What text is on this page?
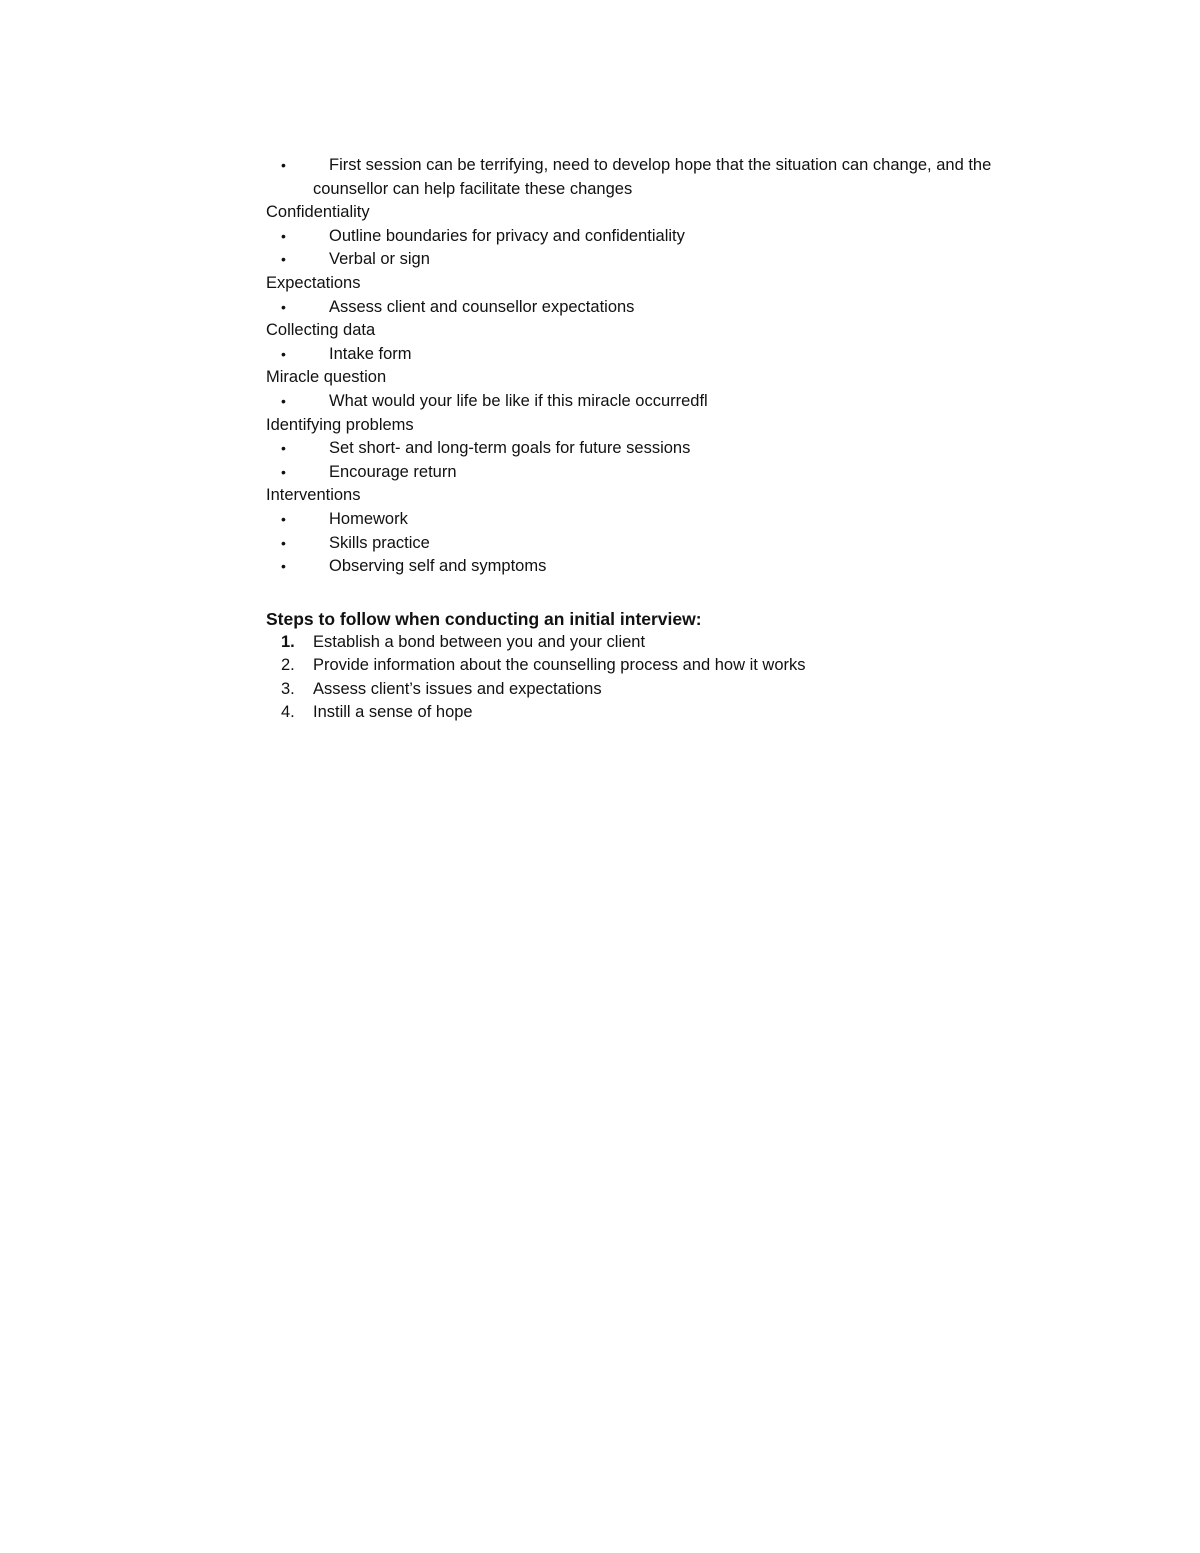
•	First session can be terrifying, need to develop hope that the situation can change, and the counsellor can help facilitate these changes

Confidentiality

•	Outline boundaries for privacy and confidentiality
•	Verbal or sign

Expectations

•	Assess client and counsellor expectations

Collecting data

•	Intake form

Miracle question

•	What would your life be like if this miracle occurredfl

Identifying problems

•	Set short- and long-term goals for future sessions
•	Encourage return

Interventions

•	Homework
•	Skills practice
•	Observing self and symptoms

Steps to follow when conducting an initial interview:

1. Establish a bond between you and your client
2. Provide information about the counselling process and how it works
3. Assess client’s issues and expectations
4. Instill a sense of hope
